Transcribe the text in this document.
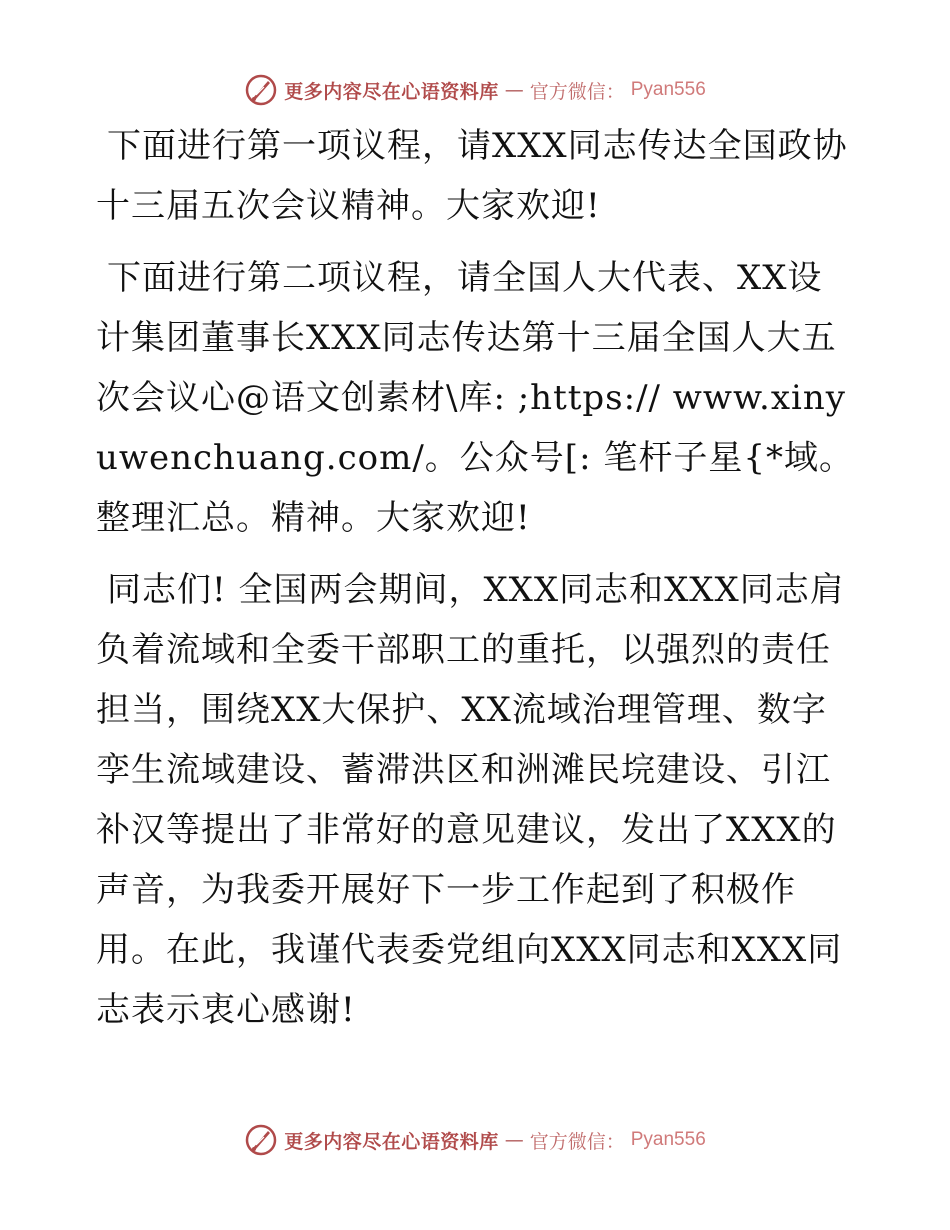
更多内容尽在心语资料库 — 官方微信： Pyan556

下面进行第一项议程，请XXX同志传达全国政协十三届五次会议精神。大家欢迎!

下面进行第二项议程，请全国人大代表、XX设计集团董事长XXX同志传达第十三届全国人大五次会议心@语文创素材\库: ;https:// www.xinyuwenchuang.com/。公众号[: 笔杆子星{*域。整理汇总。精神。大家欢迎!

同志们! 全国两会期间，XXX同志和XXX同志肩负着流域和全委干部职工的重托，以强烈的责任担当，围绕XX大保护、XX流域治理管理、数字孪生流域建设、蓄滞洪区和洲滩民垸建设、引江补汉等提出了非常好的意见建议，发出了XXX的声音，为我委开展好下一步工作起到了积极作用。在此，我谨代表委党组向XXX同志和XXX同志表示衷心感谢!

更多内容尽在心语资料库 — 官方微信： Pyan556
